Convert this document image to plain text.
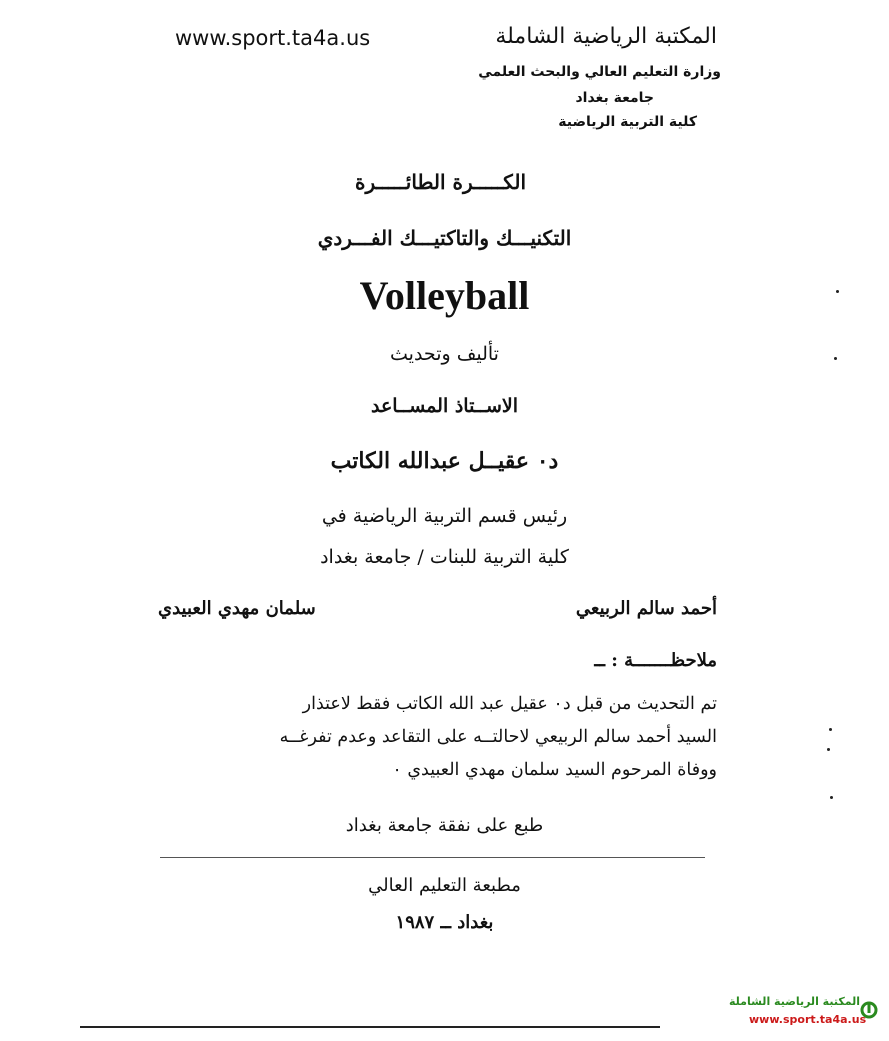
www.sport.ta4a.us	المكتبة الرياضية الشاملة
وزارة التعليم العالي والبحث العلمي
جامعة بغداد
كلية التربية الرياضية
الكـــــرة الطائـــــرة
التكنيـــك والتاكتيـــك الفـــردي
Volleyball
تأليف وتحديث
الاســتاذ المســاعد
د٠ عقيــل عبدالله الكاتب
رئيس قسم التربية الرياضية في
كلية التربية للبنات / جامعة بغداد
أحمد سالم الربيعي
سلمان مهدي العبيدي
ملاحظـــــــة : ــ
تم التحديث من قبل د٠ عقيل عبد الله الكاتب فقط لاعتذار
السيد أحمد سالم الربيعي لاحالتــه على التقاعد وعدم تفرغــه
ووفاة المرحوم السيد سلمان مهدي العبيدي ٠
طبع على نفقة جامعة بغداد
مطبعة التعليم العالي
بغداد ــ ١٩٨٧
المكتبة الرياضية الشاملة
www.sport.ta4a.us
